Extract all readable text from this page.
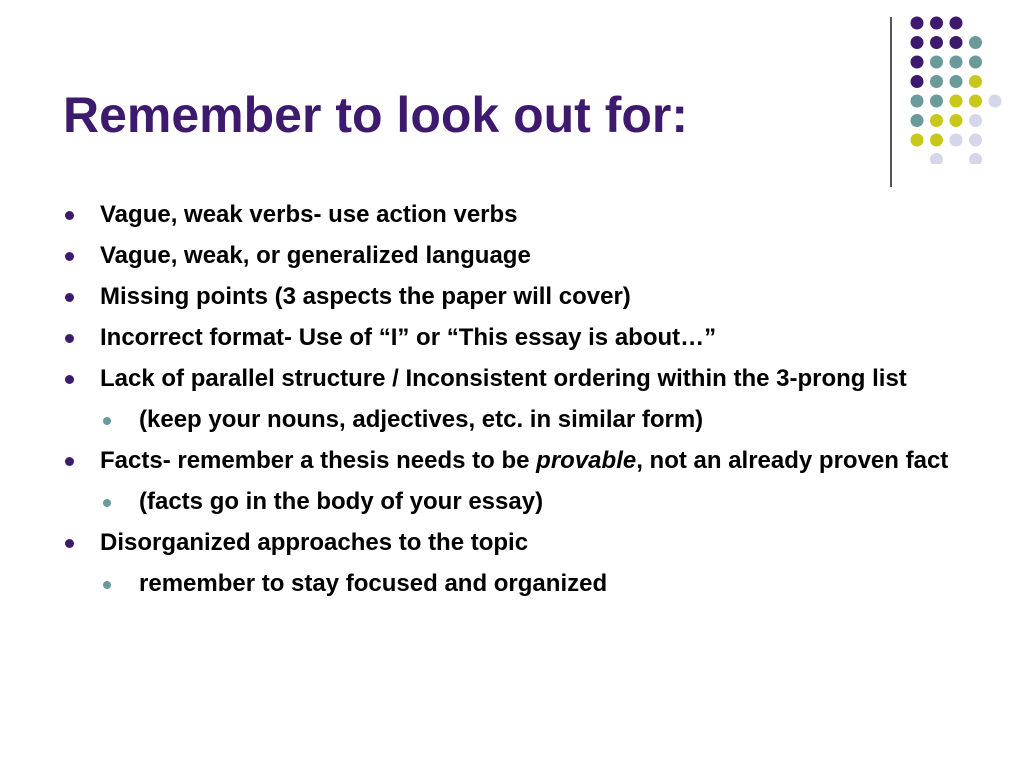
Remember to look out for:
Vague, weak verbs- use action verbs
Vague, weak, or generalized language
Missing points (3 aspects the paper will cover)
Incorrect format- Use of “I” or “This essay is about…”
Lack of parallel structure / Inconsistent ordering within the 3-prong list
(keep your nouns, adjectives, etc. in similar form)
Facts- remember a thesis needs to be provable, not an already proven fact
(facts go in the body of your essay)
Disorganized approaches to the topic
remember to stay focused and organized
